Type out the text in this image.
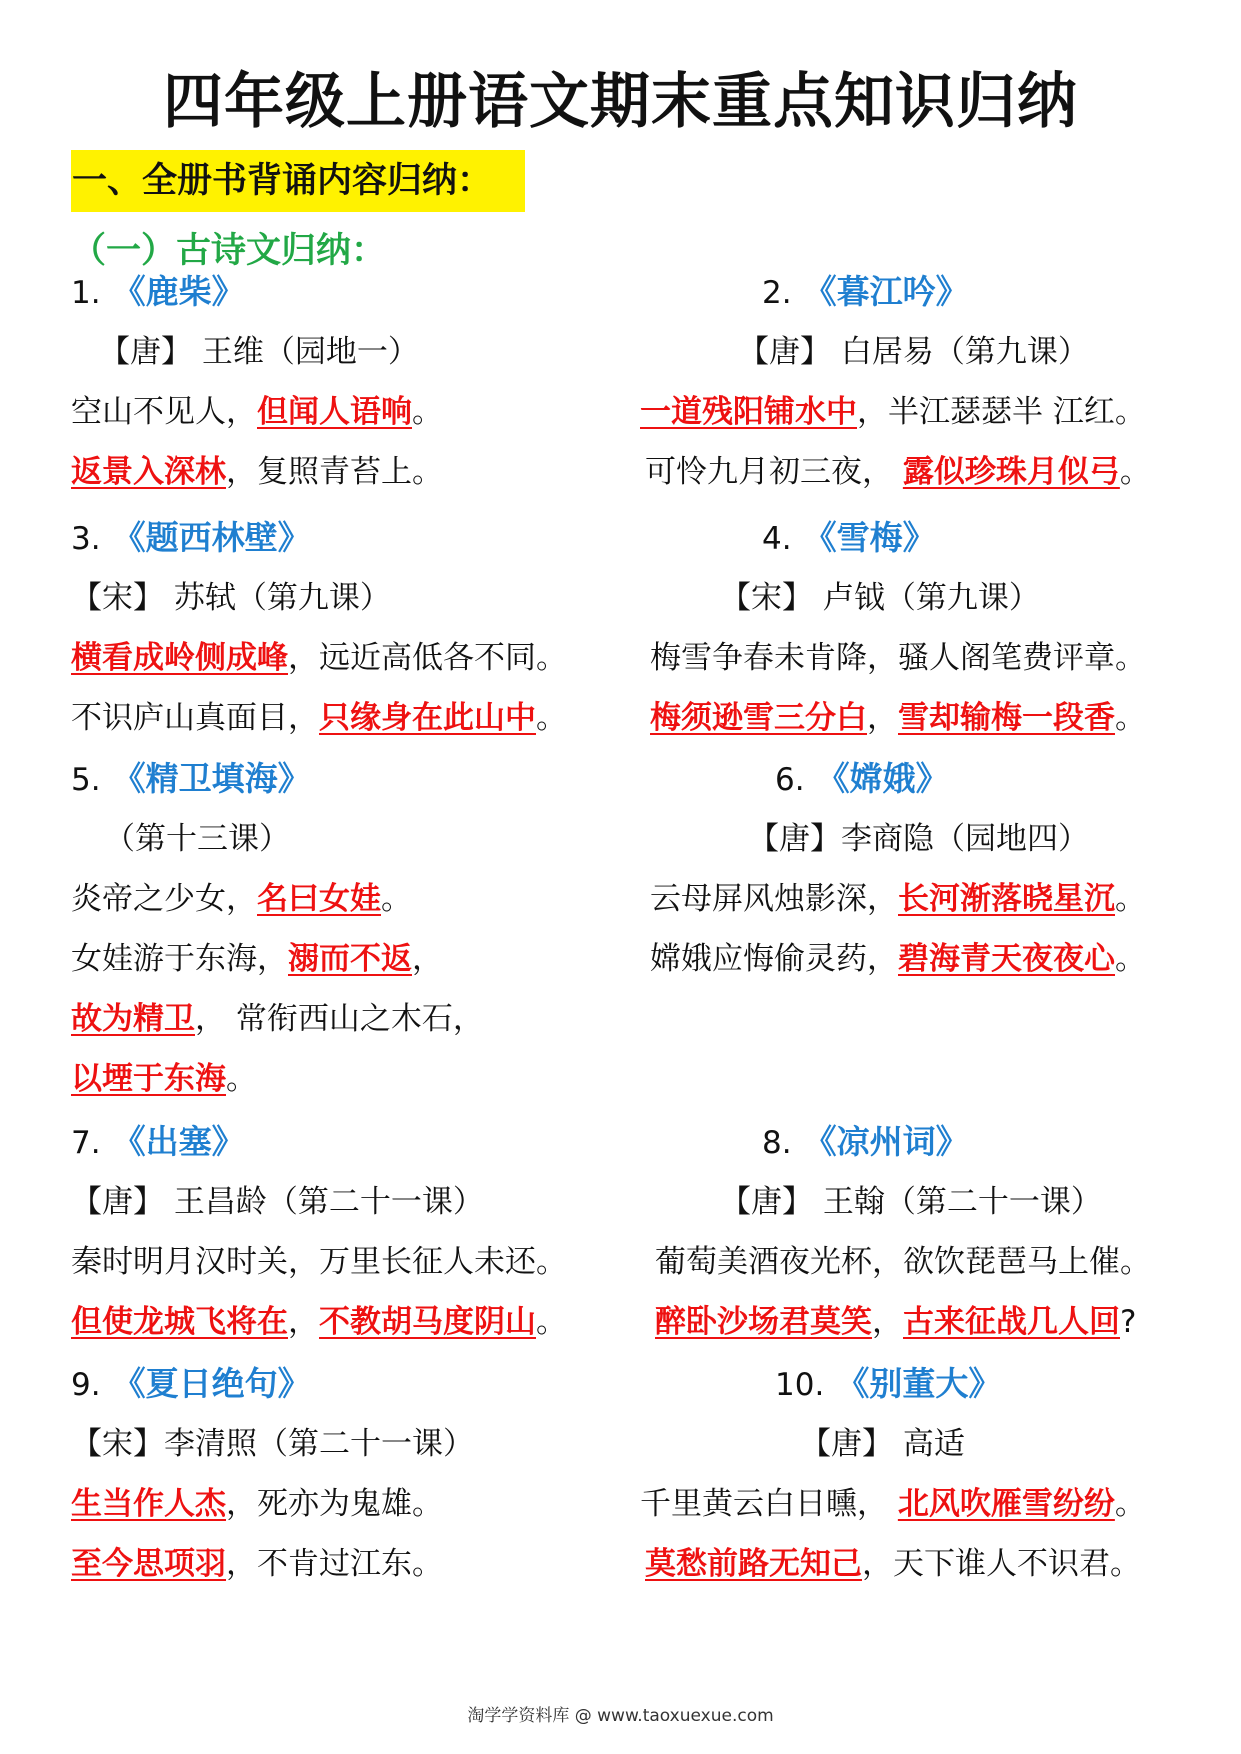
四年级上册语文期末重点知识归纳
一、全册书背诵内容归纳：
（一）古诗文归纳：
1. 《鹿柴》
【唐】 王维（园地一）
空山不见人，但闻人语响。
返景入深林，复照青苔上。
2. 《暮江吟》
【唐】 白居易（第九课）
一道残阳铺水中，半江瑟瑟半 江红。
可怜九月初三夜， 露似珍珠月似弓。
3. 《题西林壁》
【宋】 苏轼（第九课）
横看成岭侧成峰，远近高低各不同。
不识庐山真面目，只缘身在此山中。
4. 《雪梅》
【宋】 卢钺（第九课）
梅雪争春未肯降，骚人阁笔费评章。
梅须逊雪三分白，雪却输梅一段香。
5. 《精卫填海》
（第十三课）
炎帝之少女，名曰女娃。
女娃游于东海，溺而不返，
故为精卫， 常衔西山之木石，
以堙于东海。
6. 《嫦娥》
【唐】李商隐（园地四）
云母屏风烛影深，长河渐落晓星沉。
嫦娥应悔偷灵药，碧海青天夜夜心。
7. 《出塞》
【唐】 王昌龄（第二十一课）
秦时明月汉时关，万里长征人未还。
但使龙城飞将在，不教胡马度阴山。
8. 《凉州词》
【唐】 王翰（第二十一课）
葡萄美酒夜光杯，欲饮琵琶马上催。
醉卧沙场君莫笑，古来征战几人回?
9. 《夏日绝句》
【宋】李清照（第二十一课）
生当作人杰，死亦为鬼雄。
至今思项羽，不肯过江东。
10. 《别董大》
【唐】 高适
千里黄云白日曛， 北风吹雁雪纷纷。
莫愁前路无知己，天下谁人不识君。
淘学学资料库 @ www.taoxuexue.com
